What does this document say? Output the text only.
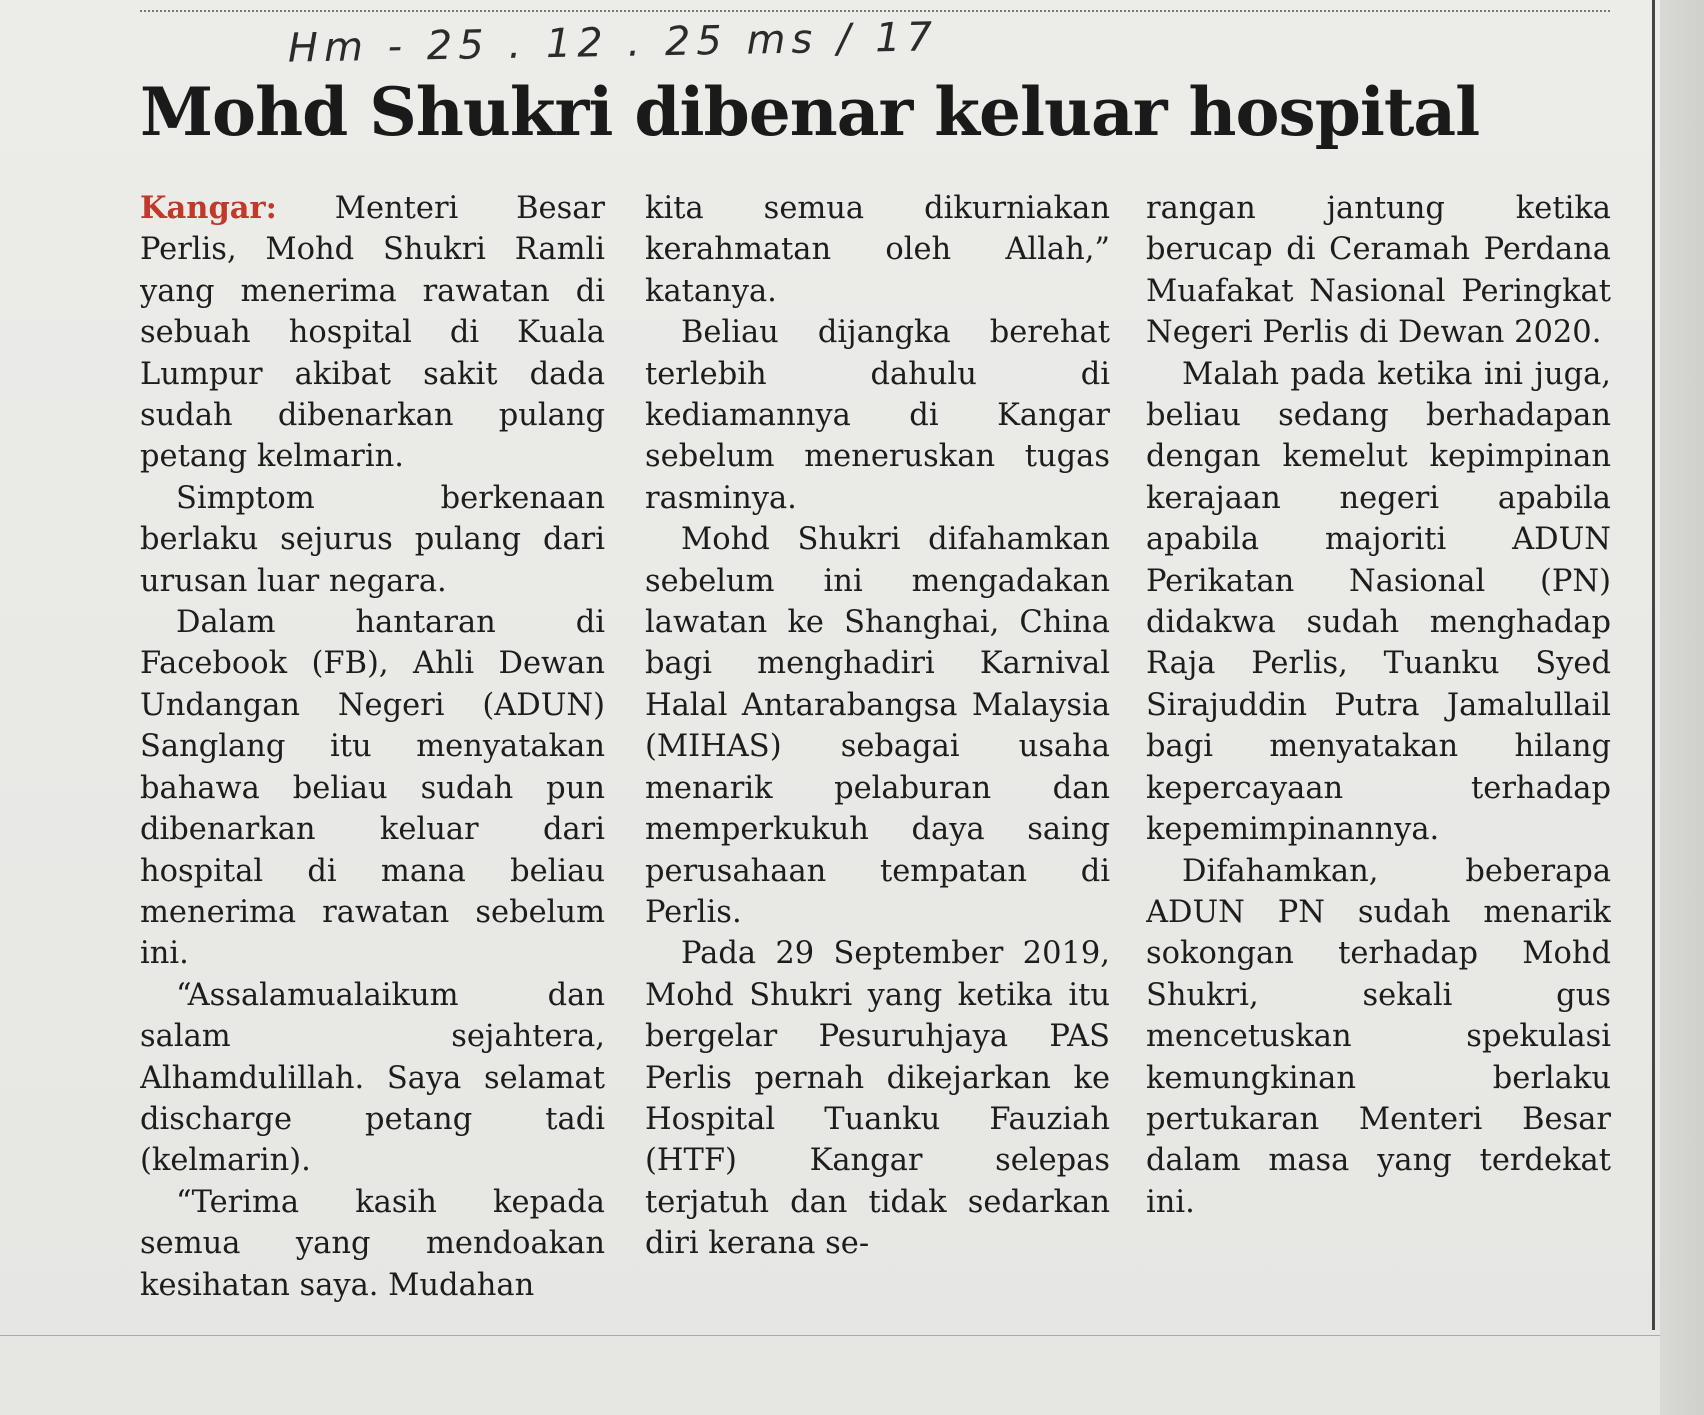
Hm - 25 . 12 . 25 ms / 17
Mohd Shukri dibenar keluar hospital

Kangar: Menteri Besar Perlis, Mohd Shukri Ramli yang menerima rawatan di sebuah hospital di Kuala Lumpur akibat sakit dada sudah dibenarkan pulang petang kelmarin.

Simptom berkenaan berlaku sejurus pulang dari urusan luar negara.

Dalam hantaran di Facebook (FB), Ahli Dewan Undangan Negeri (ADUN) Sanglang itu menyatakan bahawa beliau sudah pun dibenarkan keluar dari hospital di mana beliau menerima rawatan sebelum ini.

“Assalamualaikum dan salam sejahtera, Alhamdulillah. Saya selamat discharge petang tadi (kelmarin).

“Terima kasih kepada semua yang mendoakan kesihatan saya. Mudahan

kita semua dikurniakan kerahmatan oleh Allah,” katanya.

Beliau dijangka berehat terlebih dahulu di kediamannya di Kangar sebelum meneruskan tugas rasminya.

Mohd Shukri difahamkan sebelum ini mengadakan lawatan ke Shanghai, China bagi menghadiri Karnival Halal Antarabangsa Malaysia (MIHAS) sebagai usaha menarik pelaburan dan memperkukuh daya saing perusahaan tempatan di Perlis.

Pada 29 September 2019, Mohd Shukri yang ketika itu bergelar Pesuruhjaya PAS Perlis pernah dikejarkan ke Hospital Tuanku Fauziah (HTF) Kangar selepas terjatuh dan tidak sedarkan diri kerana se-

rangan jantung ketika berucap di Ceramah Perdana Muafakat Nasional Peringkat Negeri Perlis di Dewan 2020.

Malah pada ketika ini juga, beliau sedang berhadapan dengan kemelut kepimpinan kerajaan negeri apabila apabila majoriti ADUN Perikatan Nasional (PN) didakwa sudah menghadap Raja Perlis, Tuanku Syed Sirajuddin Putra Jamalullail bagi menyatakan hilang kepercayaan terhadap kepemimpinannya.

Difahamkan, beberapa ADUN PN sudah menarik sokongan terhadap Mohd Shukri, sekali gus mencetuskan spekulasi kemungkinan berlaku pertukaran Menteri Besar dalam masa yang terdekat ini.
